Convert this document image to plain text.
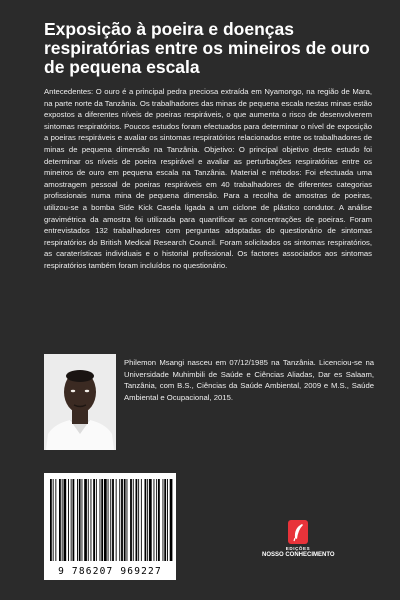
Exposição à poeira e doenças respiratórias entre os mineiros de ouro de pequena escala

Antecedentes: O ouro é a principal pedra preciosa extraída em Nyamongo, na região de Mara, na parte norte da Tanzânia. Os trabalhadores das minas de pequena escala nestas minas estão expostos a diferentes níveis de poeiras respiráveis, o que aumenta o risco de desenvolverem sintomas respiratórios. Poucos estudos foram efectuados para determinar o nível de exposição a poeiras respiráveis e avaliar os sintomas respiratórios relacionados entre os trabalhadores de minas de pequena dimensão na Tanzânia. Objetivo: O principal objetivo deste estudo foi determinar os níveis de poeira respirável e avaliar as perturbações respiratórias entre os mineiros de ouro em pequena escala na Tanzânia. Material e métodos: Foi efectuada uma amostragem pessoal de poeiras respiráveis em 40 trabalhadores de diferentes categorias profissionais numa mina de pequena dimensão. Para a recolha de amostras de poeiras, utilizou-se a bomba Side Kick Casela ligada a um ciclone de plástico condutor. A análise gravimétrica da amostra foi utilizada para quantificar as concentrações de poeiras. Foram entrevistados 132 trabalhadores com perguntas adoptadas do questionário de sintomas respiratórios do British Medical Research Council. Foram solicitados os sintomas respiratórios, as caraterísticas individuais e o historial profissional. Os factores associados aos sintomas respiratórios também foram incluídos no questionário.

Philemon Msangi nasceu em 07/12/1985 na Tanzânia. Licenciou-se na Universidade Muhimbili de Saúde e Ciências Aliadas, Dar es Salaam, Tanzânia, com B.S., Ciências da Saúde Ambiental, 2009 e M.S., Saúde Ambiental e Ocupacional, 2015.

9 786207 969227
EDIÇÕES
NOSSO CONHECIMENTO
